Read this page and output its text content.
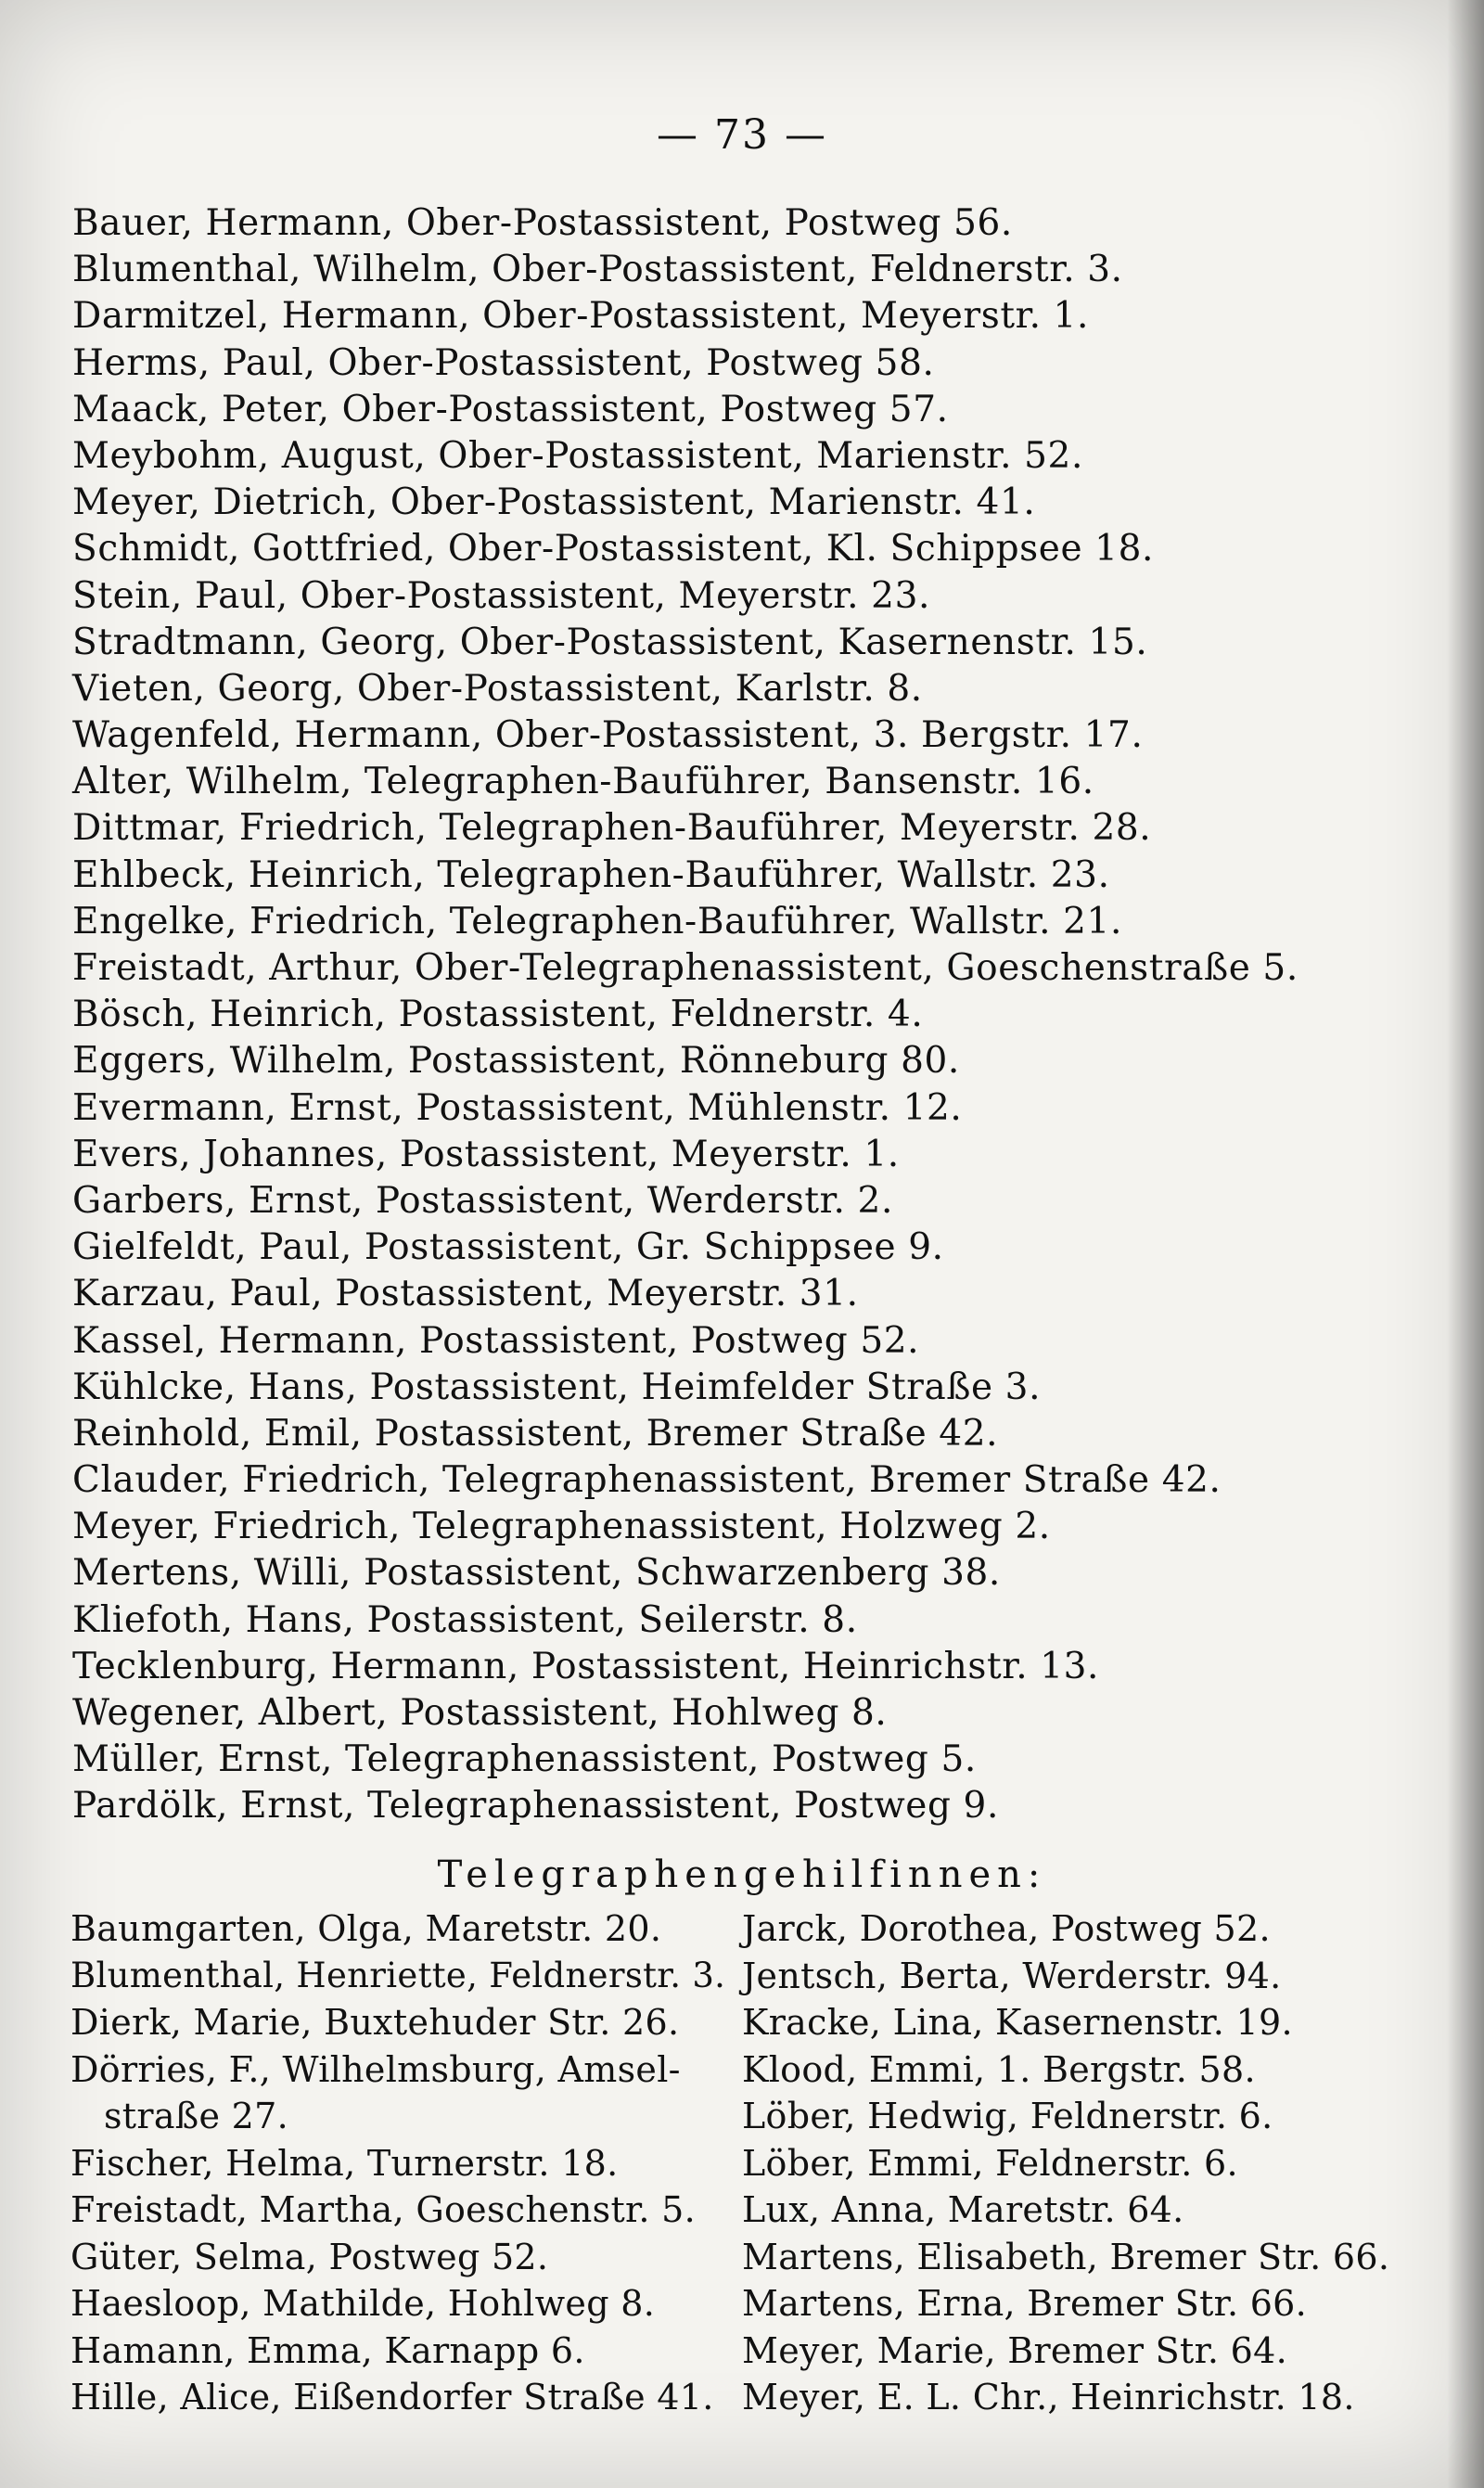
— 73 —
Bauer, Hermann, Ober-Postassistent, Postweg 56.
Blumenthal, Wilhelm, Ober-Postassistent, Feldnerstr. 3.
Darmitzel, Hermann, Ober-Postassistent, Meyerstr. 1.
Herms, Paul, Ober-Postassistent, Postweg 58.
Maack, Peter, Ober-Postassistent, Postweg 57.
Meybohm, August, Ober-Postassistent, Marienstr. 52.
Meyer, Dietrich, Ober-Postassistent, Marienstr. 41.
Schmidt, Gottfried, Ober-Postassistent, Kl. Schippsee 18.
Stein, Paul, Ober-Postassistent, Meyerstr. 23.
Stradtmann, Georg, Ober-Postassistent, Kasernenstr. 15.
Vieten, Georg, Ober-Postassistent, Karlstr. 8.
Wagenfeld, Hermann, Ober-Postassistent, 3. Bergstr. 17.
Alter, Wilhelm, Telegraphen-Bauführer, Bansenstr. 16.
Dittmar, Friedrich, Telegraphen-Bauführer, Meyerstr. 28.
Ehlbeck, Heinrich, Telegraphen-Bauführer, Wallstr. 23.
Engelke, Friedrich, Telegraphen-Bauführer, Wallstr. 21.
Freistadt, Arthur, Ober-Telegraphenassistent, Goeschenstraße 5.
Bösch, Heinrich, Postassistent, Feldnerstr. 4.
Eggers, Wilhelm, Postassistent, Rönneburg 80.
Evermann, Ernst, Postassistent, Mühlenstr. 12.
Evers, Johannes, Postassistent, Meyerstr. 1.
Garbers, Ernst, Postassistent, Werderstr. 2.
Gielfeldt, Paul, Postassistent, Gr. Schippsee 9.
Karzau, Paul, Postassistent, Meyerstr. 31.
Kassel, Hermann, Postassistent, Postweg 52.
Kühlcke, Hans, Postassistent, Heimfelder Straße 3.
Reinhold, Emil, Postassistent, Bremer Straße 42.
Clauder, Friedrich, Telegraphenassistent, Bremer Straße 42.
Meyer, Friedrich, Telegraphenassistent, Holzweg 2.
Mertens, Willi, Postassistent, Schwarzenberg 38.
Kliefoth, Hans, Postassistent, Seilerstr. 8.
Tecklenburg, Hermann, Postassistent, Heinrichstr. 13.
Wegener, Albert, Postassistent, Hohlweg 8.
Müller, Ernst, Telegraphenassistent, Postweg 5.
Pardölk, Ernst, Telegraphenassistent, Postweg 9.
Telegraphengehilfinnen:
Baumgarten, Olga, Maretstr. 20.
Blumenthal, Henriette, Feldnerstr. 3.
Dierk, Marie, Buxtehuder Str. 26.
Dörries, F., Wilhelmsburg, Amsel-
straße 27.
Fischer, Helma, Turnerstr. 18.
Freistadt, Martha, Goeschenstr. 5.
Güter, Selma, Postweg 52.
Haesloop, Mathilde, Hohlweg 8.
Hamann, Emma, Karnapp 6.
Hille, Alice, Eißendorfer Straße 41.
Jarck, Dorothea, Postweg 52.
Jentsch, Berta, Werderstr. 94.
Kracke, Lina, Kasernenstr. 19.
Klood, Emmi, 1. Bergstr. 58.
Löber, Hedwig, Feldnerstr. 6.
Löber, Emmi, Feldnerstr. 6.
Lux, Anna, Maretstr. 64.
Martens, Elisabeth, Bremer Str. 66.
Martens, Erna, Bremer Str. 66.
Meyer, Marie, Bremer Str. 64.
Meyer, E. L. Chr., Heinrichstr. 18.
